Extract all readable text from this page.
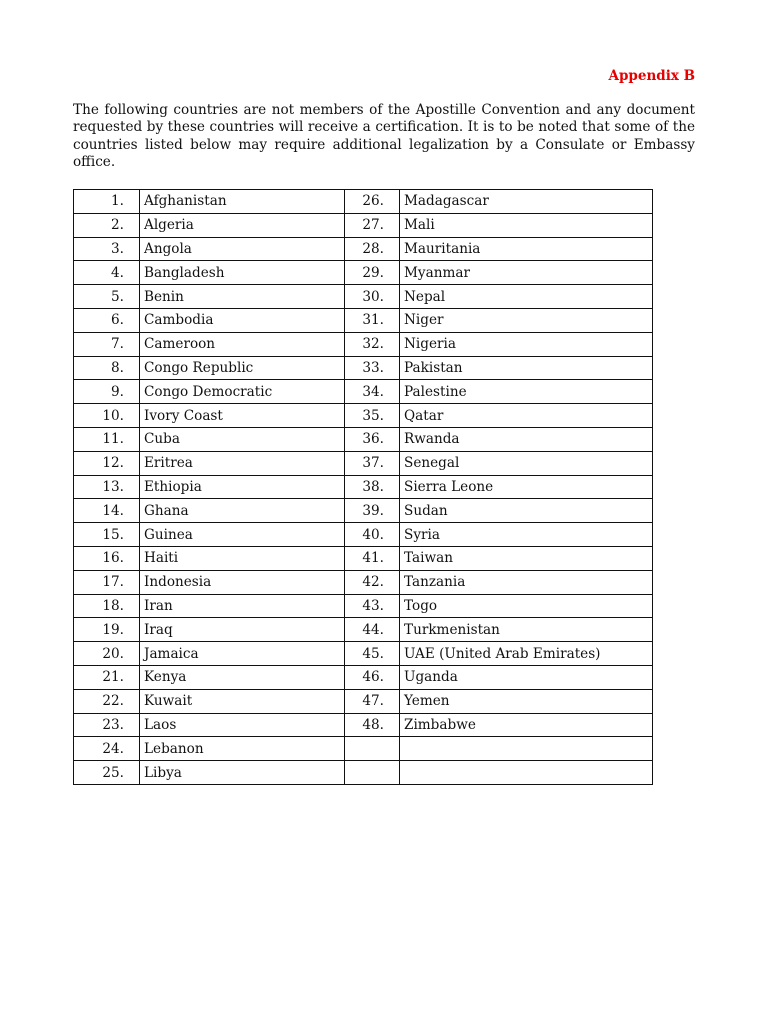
Appendix B

The following countries are not members of the Apostille Convention and any document requested by these countries will receive a certification. It is to be noted that some of the countries listed below may require additional legalization by a Consulate or Embassy office.

1.	Afghanistan	26.	Madagascar
2.	Algeria	27.	Mali
3.	Angola	28.	Mauritania
4.	Bangladesh	29.	Myanmar
5.	Benin	30.	Nepal
6.	Cambodia	31.	Niger
7.	Cameroon	32.	Nigeria
8.	Congo Republic	33.	Pakistan
9.	Congo Democratic	34.	Palestine
10.	Ivory Coast	35.	Qatar
11.	Cuba	36.	Rwanda
12.	Eritrea	37.	Senegal
13.	Ethiopia	38.	Sierra Leone
14.	Ghana	39.	Sudan
15.	Guinea	40.	Syria
16.	Haiti	41.	Taiwan
17.	Indonesia	42.	Tanzania
18.	Iran	43.	Togo
19.	Iraq	44.	Turkmenistan
20.	Jamaica	45.	UAE (United Arab Emirates)
21.	Kenya	46.	Uganda
22.	Kuwait	47.	Yemen
23.	Laos	48.	Zimbabwe
24.	Lebanon		
25.	Libya		
